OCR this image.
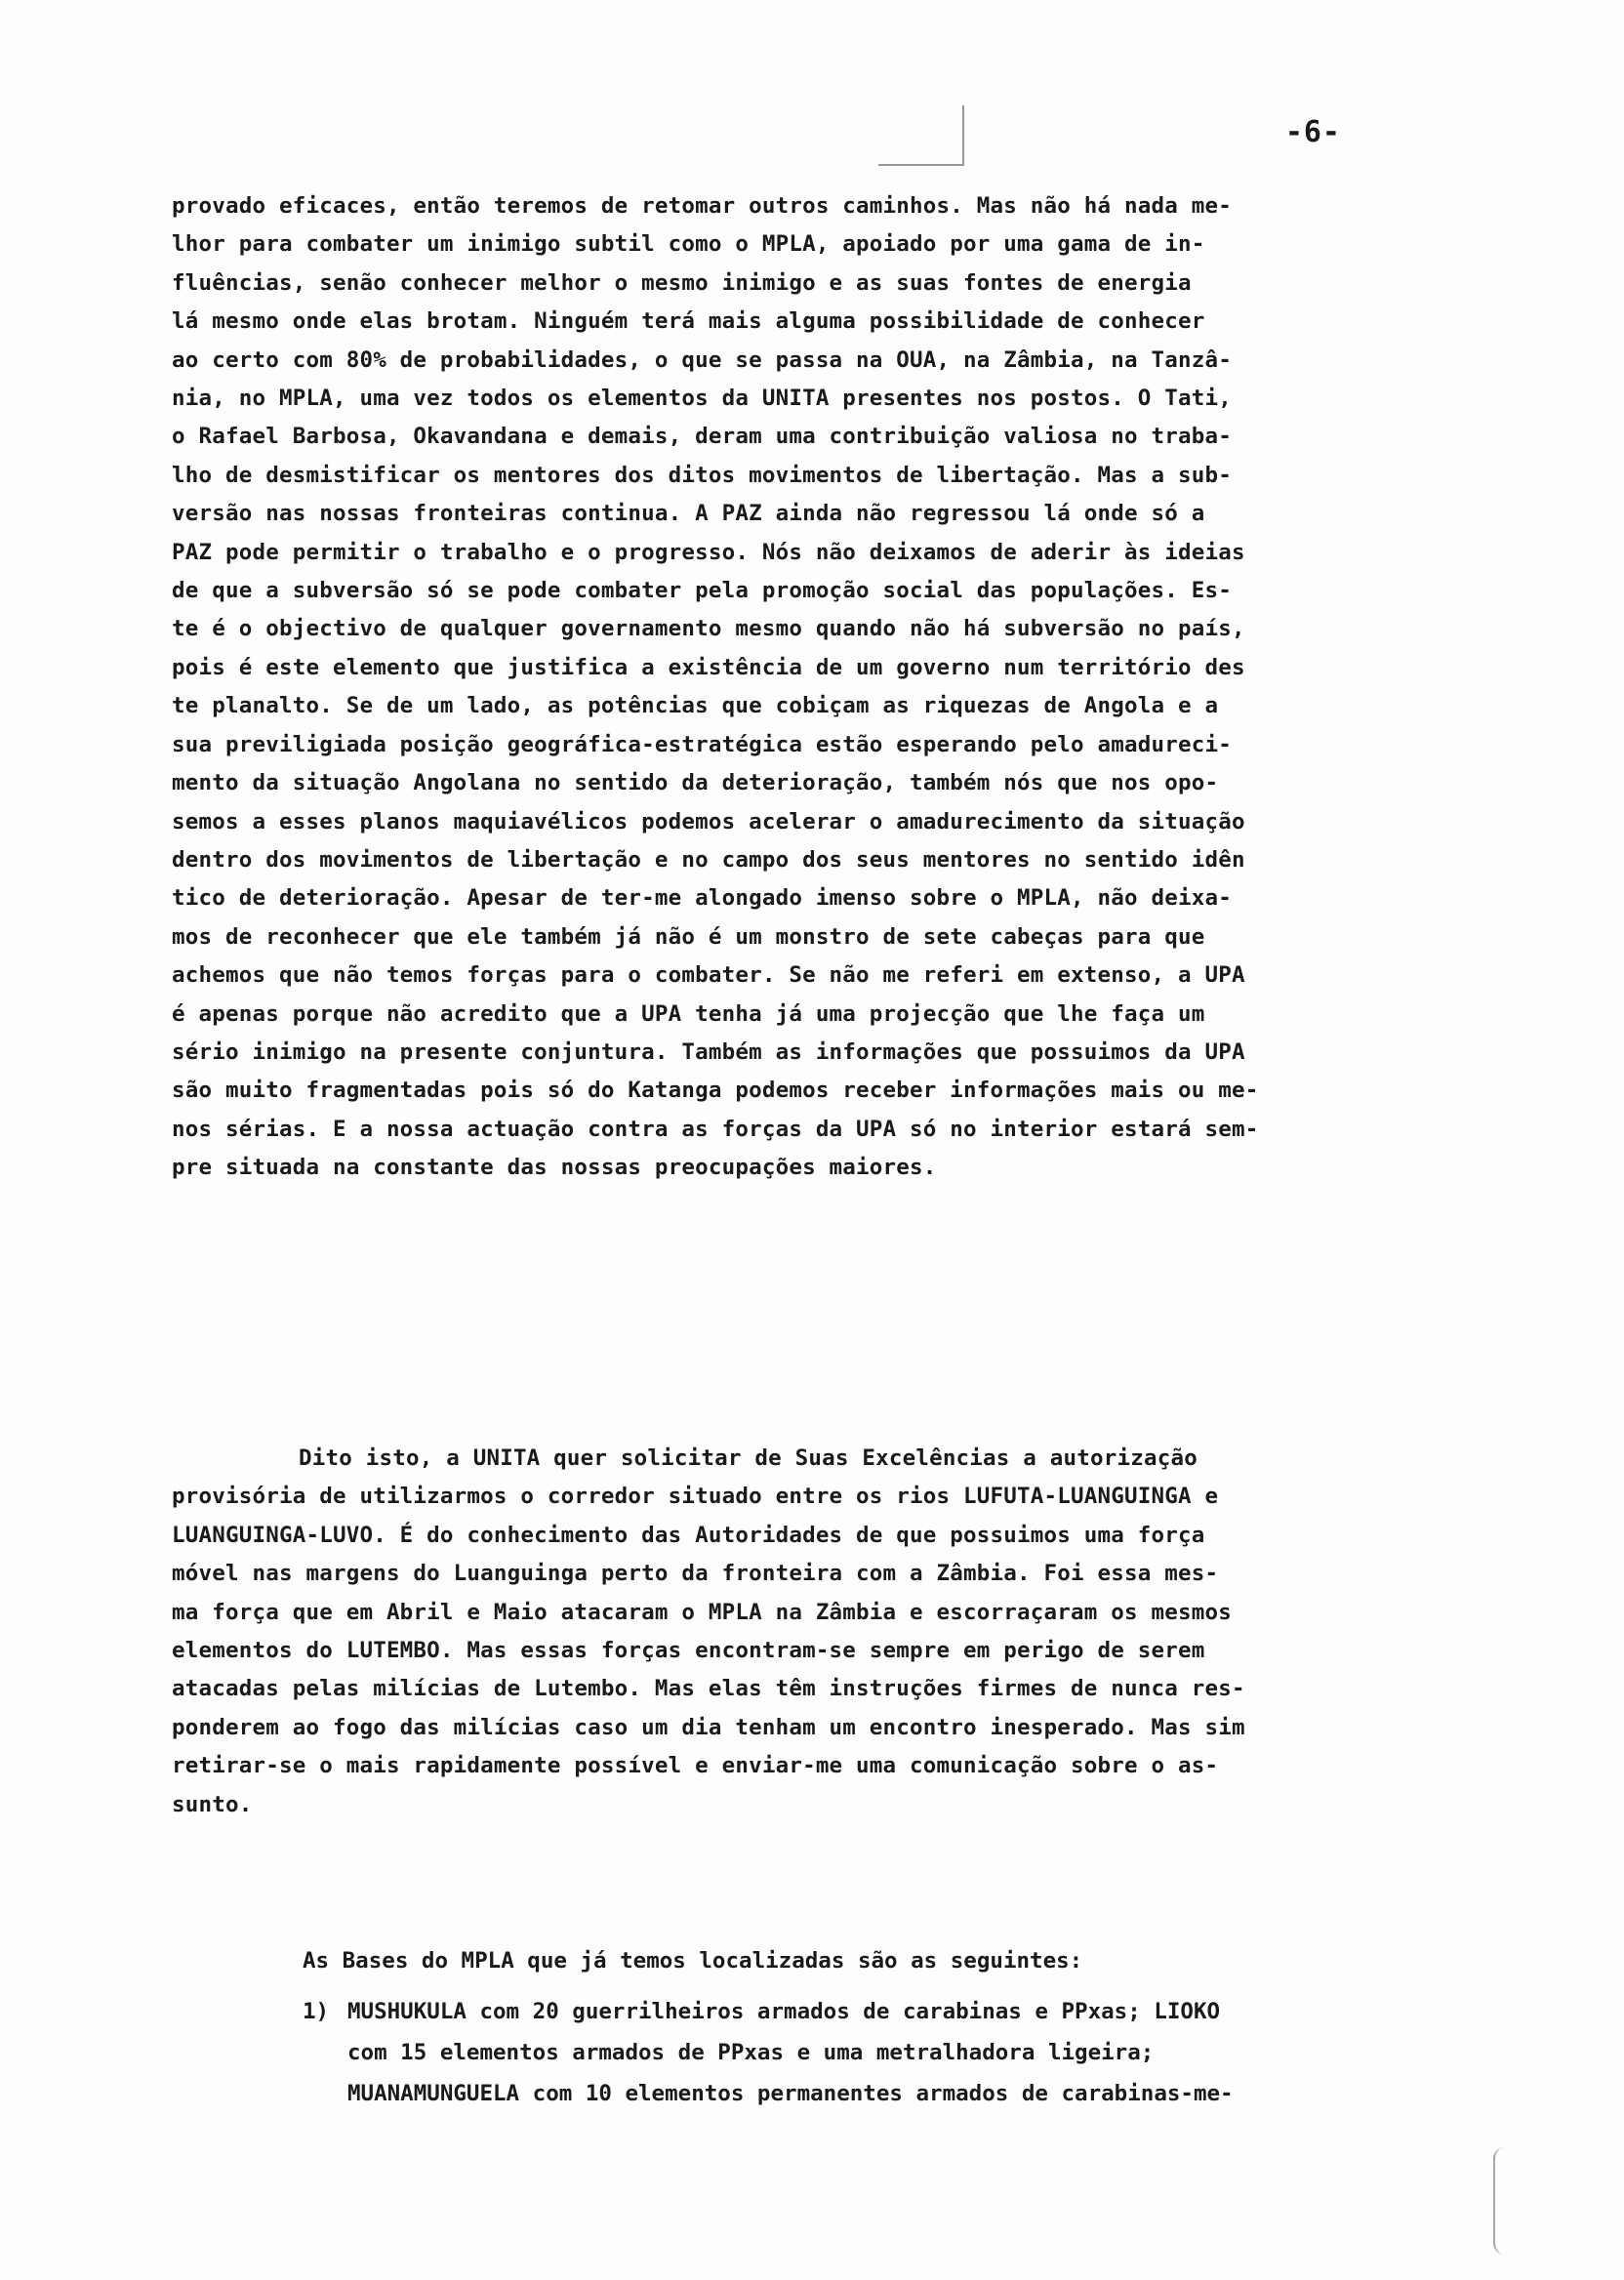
-6-
provado eficaces, então teremos de retomar outros caminhos. Mas não há nada me-
lhor para combater um inimigo subtil como o MPLA, apoiado por uma gama de in-
fluências, senão conhecer melhor o mesmo inimigo e as suas fontes de energia
lá mesmo onde elas brotam. Ninguém terá mais alguma possibilidade de conhecer
ao certo com 80% de probabilidades, o que se passa na OUA, na Zâmbia, na Tanzâ-
nia, no MPLA, uma vez todos os elementos da UNITA presentes nos postos. O Tati,
o Rafael Barbosa, Okavandana e demais, deram uma contribuição valiosa no traba-
lho de desmistificar os mentores dos ditos movimentos de libertação. Mas a sub-
versão nas nossas fronteiras continua. A PAZ ainda não regressou lá onde só a
PAZ pode permitir o trabalho e o progresso. Nós não deixamos de aderir às ideias
de que a subversão só se pode combater pela promoção social das populações. Es-
te é o objectivo de qualquer governamento mesmo quando não há subversão no país,
pois é este elemento que justifica a existência de um governo num território des
te planalto. Se de um lado, as potências que cobiçam as riquezas de Angola e a
sua previligiada posição geográfica-estratégica estão esperando pelo amadureci-
mento da situação Angolana no sentido da deterioração, também nós que nos opo-
semos a esses planos maquiavélicos podemos acelerar o amadurecimento da situação
dentro dos movimentos de libertação e no campo dos seus mentores no sentido idên
tico de deterioração. Apesar de ter-me alongado imenso sobre o MPLA, não deixa-
mos de reconhecer que ele também já não é um monstro de sete cabeças para que
achemos que não temos forças para o combater. Se não me referi em extenso, a UPA
é apenas porque não acredito que a UPA tenha já uma projecção que lhe faça um
sério inimigo na presente conjuntura. Também as informações que possuimos da UPA
são muito fragmentadas pois só do Katanga podemos receber informações mais ou me-
nos sérias. E a nossa actuação contra as forças da UPA só no interior estará sem-
pre situada na constante das nossas preocupações maiores.
Dito isto, a UNITA quer solicitar de Suas Excelências a autorização
provisória de utilizarmos o corredor situado entre os rios LUFUTA-LUANGUINGA e
LUANGUINGA-LUVO. É do conhecimento das Autoridades de que possuimos uma força
móvel nas margens do Luanguinga perto da fronteira com a Zâmbia. Foi essa mes-
ma força que em Abril e Maio atacaram o MPLA na Zâmbia e escorraçaram os mesmos
elementos do LUTEMBO. Mas essas forças encontram-se sempre em perigo de serem
atacadas pelas milícias de Lutembo. Mas elas têm instruções firmes de nunca res-
ponderem ao fogo das milícias caso um dia tenham um encontro inesperado. Mas sim
retirar-se o mais rapidamente possível e enviar-me uma comunicação sobre o as-
sunto.
As Bases do MPLA que já temos localizadas são as seguintes:
1) MUSHUKULA com 20 guerrilheiros armados de carabinas e PPxas; LIOKO
com 15 elementos armados de PPxas e uma metralhadora ligeira;
MUANAMUNGUELA com 10 elementos permanentes armados de carabinas-me-
